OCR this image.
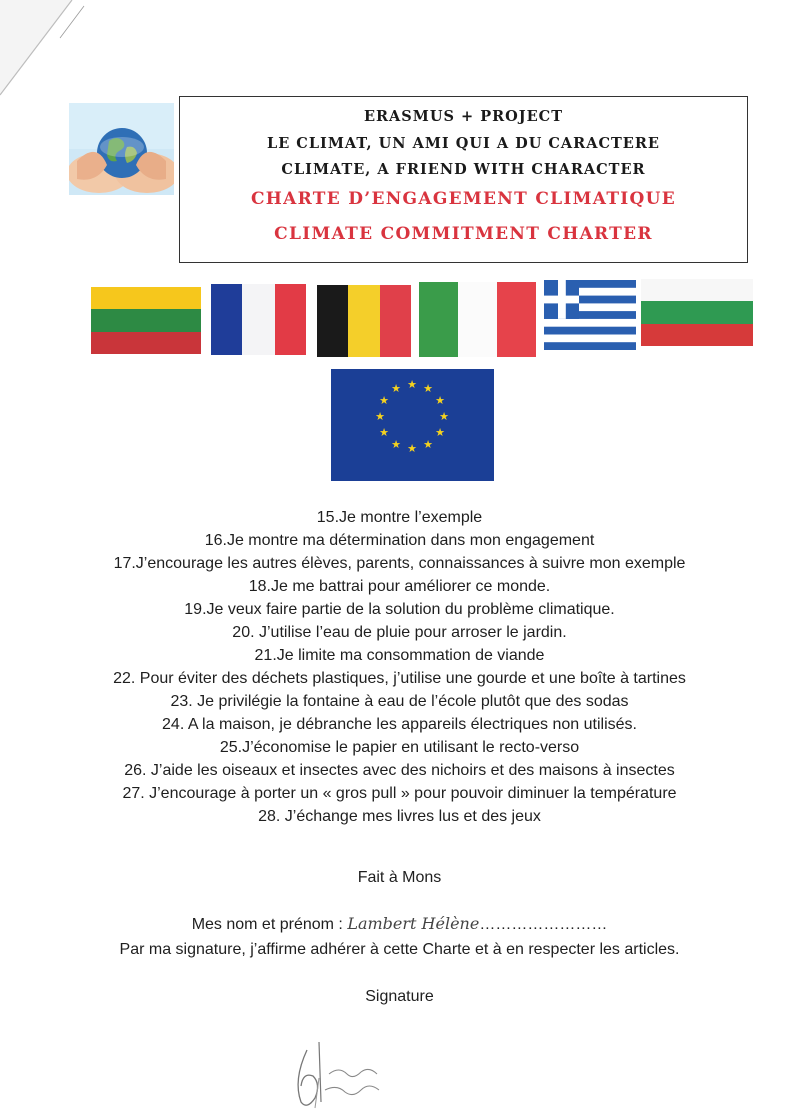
ERASMUS + PROJECT
LE CLIMAT, UN AMI QUI A DU CARACTERE
CLIMATE, A FRIEND WITH CHARACTER
CHARTE D’ENGAGEMENT CLIMATIQUE
CLIMATE COMMITMENT CHARTER
★ ★
★
★
★
★
★
★
★
★
★
★
15.Je montre l’exemple
16.Je montre ma détermination dans mon engagement
17.J’encourage les autres élèves, parents, connaissances à suivre mon exemple
18.Je me battrai pour améliorer ce monde.
19.Je veux faire partie de la solution du problème climatique.
20. J’utilise l’eau de pluie pour arroser le jardin.
21.Je limite ma consommation de viande
22. Pour éviter des déchets plastiques, j’utilise une gourde et une boîte à tartines
23. Je privilégie la fontaine à eau de l’école plutôt que des sodas
24. A la maison, je débranche les appareils électriques non utilisés.
25.J’économise le papier en utilisant le recto-verso
26. J’aide les oiseaux et insectes avec des nichoirs et des maisons à insectes
27. J’encourage à porter un « gros pull » pour pouvoir diminuer la température
28. J’échange mes livres lus et des jeux
Fait à Mons
Mes nom et prénom : Lambert Hélène……………………
Par ma signature, j’affirme adhérer à cette Charte et à en respecter les articles.
Signature
